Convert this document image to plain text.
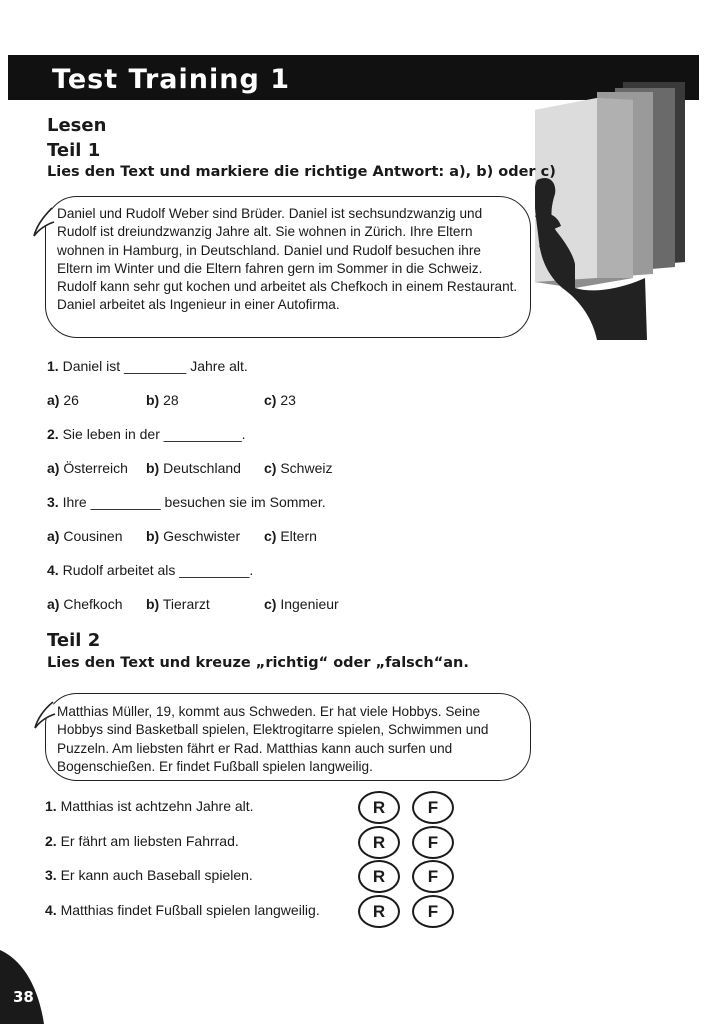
Test Training 1
Lesen
Teil 1
Lies den Text und markiere die richtige Antwort: a), b) oder c)
Daniel und Rudolf Weber sind Brüder. Daniel ist sechsundzwanzig und Rudolf ist dreiundzwanzig Jahre alt. Sie wohnen in Zürich. Ihre Eltern wohnen in Hamburg, in Deutschland. Daniel und Rudolf besuchen ihre Eltern im Winter und die Eltern fahren gern im Sommer in die Schweiz. Rudolf kann sehr gut kochen und arbeitet als Chefkoch in einem Restaurant. Daniel arbeitet als Ingenieur in einer Autofirma.
1. Daniel ist ________ Jahre alt.
a) 26	b) 28	c) 23
2. Sie leben in der __________.
a) Österreich b) Deutschland c) Schweiz
3. Ihre _________ besuchen sie im Sommer.
a) Cousinen b) Geschwister c) Eltern
4. Rudolf arbeitet als _________.
a) Chefkoch b) Tierarzt	c) Ingenieur
Teil 2
Lies den Text und kreuze „richtig“ oder „falsch“an.
Matthias Müller, 19, kommt aus Schweden. Er hat viele Hobbys. Seine Hobbys sind Basketball spielen, Elektrogitarre spielen, Schwimmen und Puzzeln. Am liebsten fährt er Rad. Matthias kann auch surfen und Bogenschießen. Er findet Fußball spielen langweilig.
1. Matthias ist achtzehn Jahre alt.	R	F
2. Er fährt am liebsten Fahrrad.	R	F
3. Er kann auch Baseball spielen.	R	F
4. Matthias findet Fußball spielen langweilig.	R	F
38
